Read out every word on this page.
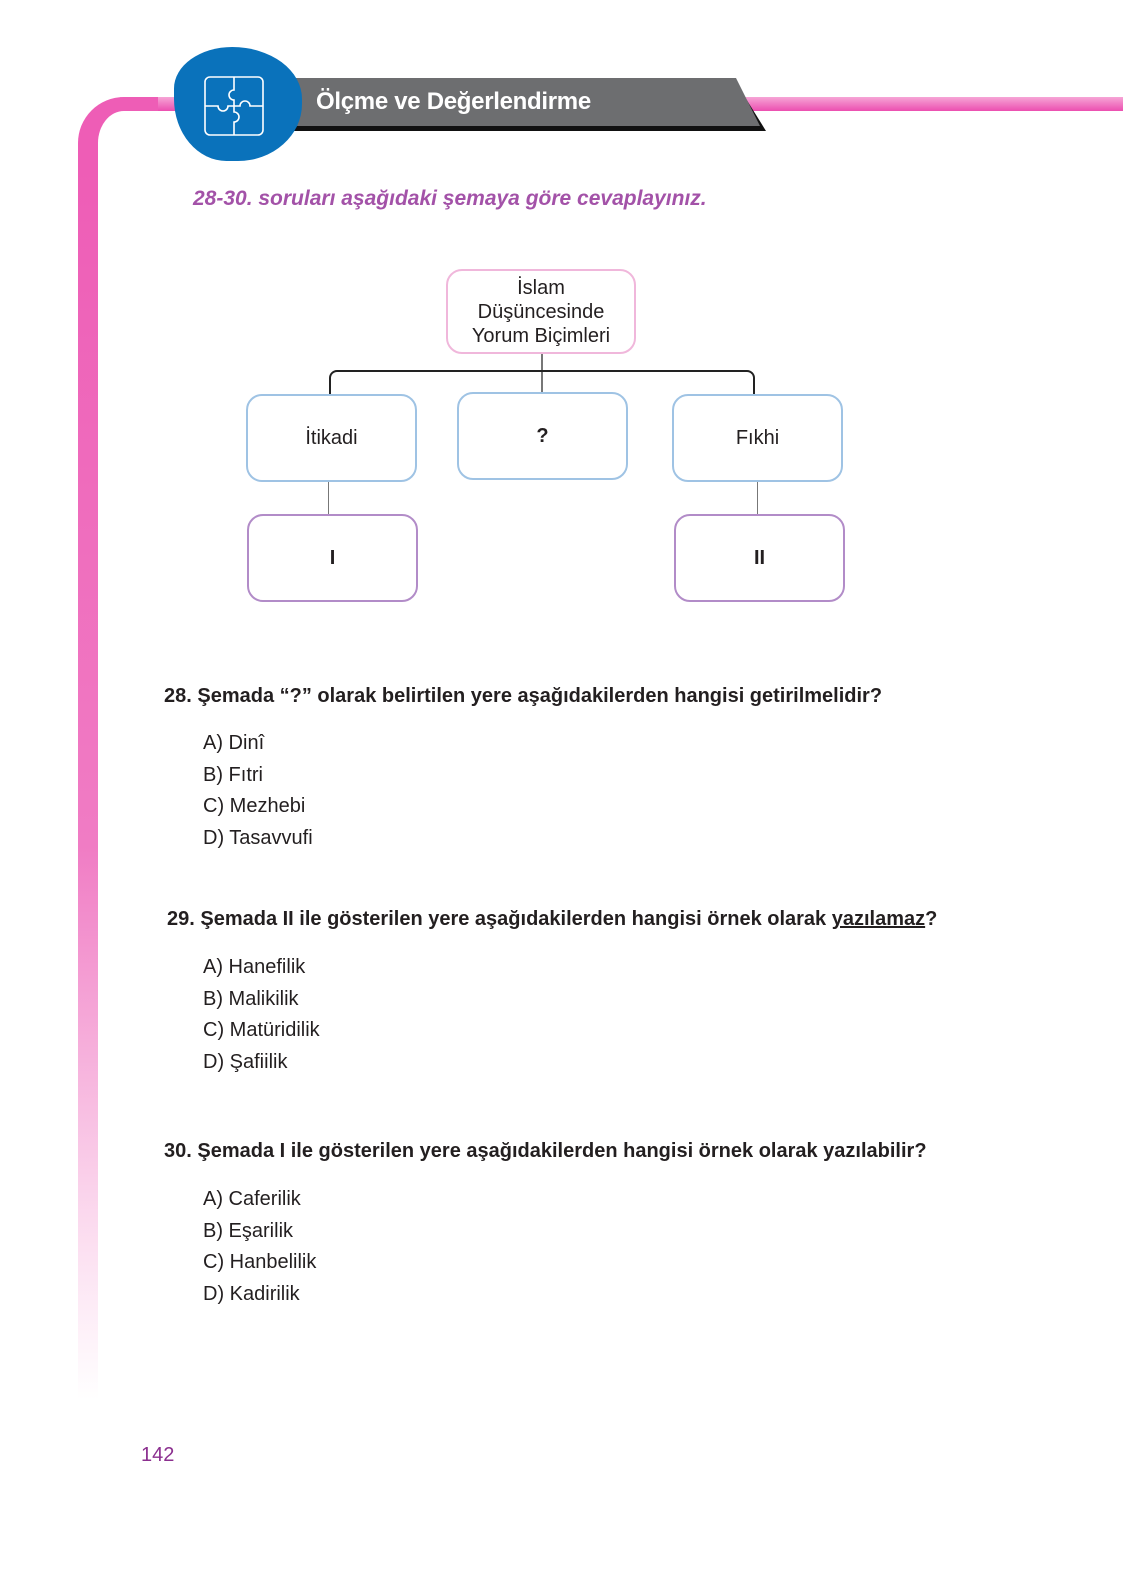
Ölçme ve Değerlendirme
28-30. soruları aşağıdaki şemaya göre cevaplayınız.
İslam
Düşüncesinde
Yorum Biçimleri
İtikadi	?	Fıkhi
I	II
28. Şemada “?” olarak belirtilen yere aşağıdakilerden hangisi getirilmelidir?
A) Dinî
B) Fıtri
C) Mezhebi
D) Tasavvufi
29. Şemada II ile gösterilen yere aşağıdakilerden hangisi örnek olarak yazılamaz?
A) Hanefilik
B) Malikilik
C) Matüridilik
D) Şafiilik
30. Şemada I ile gösterilen yere aşağıdakilerden hangisi örnek olarak yazılabilir?
A) Caferilik
B) Eşarilik
C) Hanbelilik
D) Kadirilik
142
